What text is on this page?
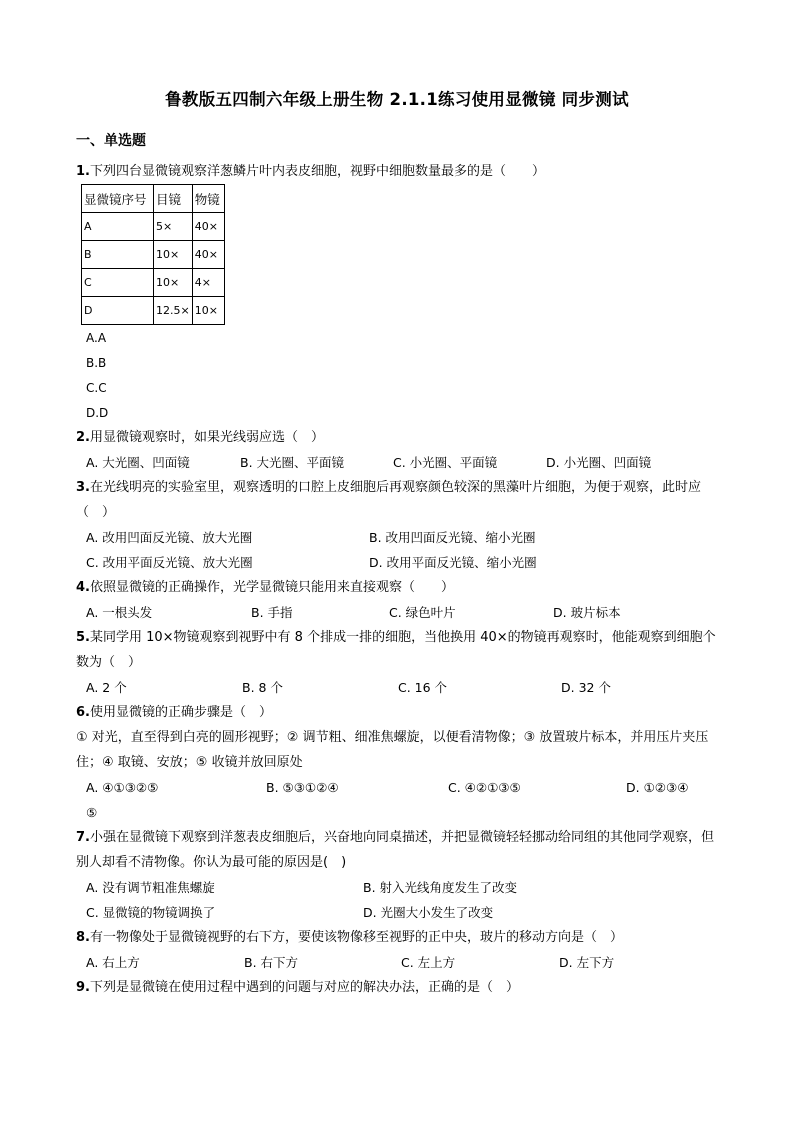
鲁教版五四制六年级上册生物 2.1.1练习使用显微镜 同步测试
一、单选题
1.下列四台显微镜观察洋葱鳞片叶内表皮细胞，视野中细胞数量最多的是（　　）
显微镜序号	目镜	物镜
A	5×	40×
B	10×	40×
C	10×	4×
D	12.5×	10×
A.A
B.B
C.C
D.D
2.用显微镜观察时，如果光线弱应选（　）
A. 大光圈、凹面镜	B. 大光圈、平面镜	C. 小光圈、平面镜	D. 小光圈、凹面镜
3.在光线明亮的实验室里，观察透明的口腔上皮细胞后再观察颜色较深的黑藻叶片细胞，为便于观察，此时应（　）
A. 改用凹面反光镜、放大光圈	B. 改用凹面反光镜、缩小光圈
C. 改用平面反光镜、放大光圈	D. 改用平面反光镜、缩小光圈
4.依照显微镜的正确操作，光学显微镜只能用来直接观察（　　）
A. 一根头发	B. 手指	C. 绿色叶片	D. 玻片标本
5.某同学用 10×物镜观察到视野中有 8 个排成一排的细胞，当他换用 40×的物镜再观察时，他能观察到细胞个数为（　）
A. 2 个	B. 8 个	C. 16 个	D. 32 个
6.使用显微镜的正确步骤是（　）
① 对光，直至得到白亮的圆形视野；② 调节粗、细准焦螺旋，以便看清物像；③ 放置玻片标本，并用压片夹压住；④ 取镜、安放；⑤ 收镜并放回原处
A. ④①③②⑤	B. ⑤③①②④	C. ④②①③⑤	D. ①②③④
⑤
7.小强在显微镜下观察到洋葱表皮细胞后，兴奋地向同桌描述，并把显微镜轻轻挪动给同组的其他同学观察，但别人却看不清物像。你认为最可能的原因是(　)
A. 没有调节粗准焦螺旋	B. 射入光线角度发生了改变
C. 显微镜的物镜调换了	D. 光圈大小发生了改变
8.有一物像处于显微镜视野的右下方，要使该物像移至视野的正中央，玻片的移动方向是（　）
A. 右上方	B. 右下方	C. 左上方	D. 左下方
9.下列是显微镜在使用过程中遇到的问题与对应的解决办法，正确的是（　）
